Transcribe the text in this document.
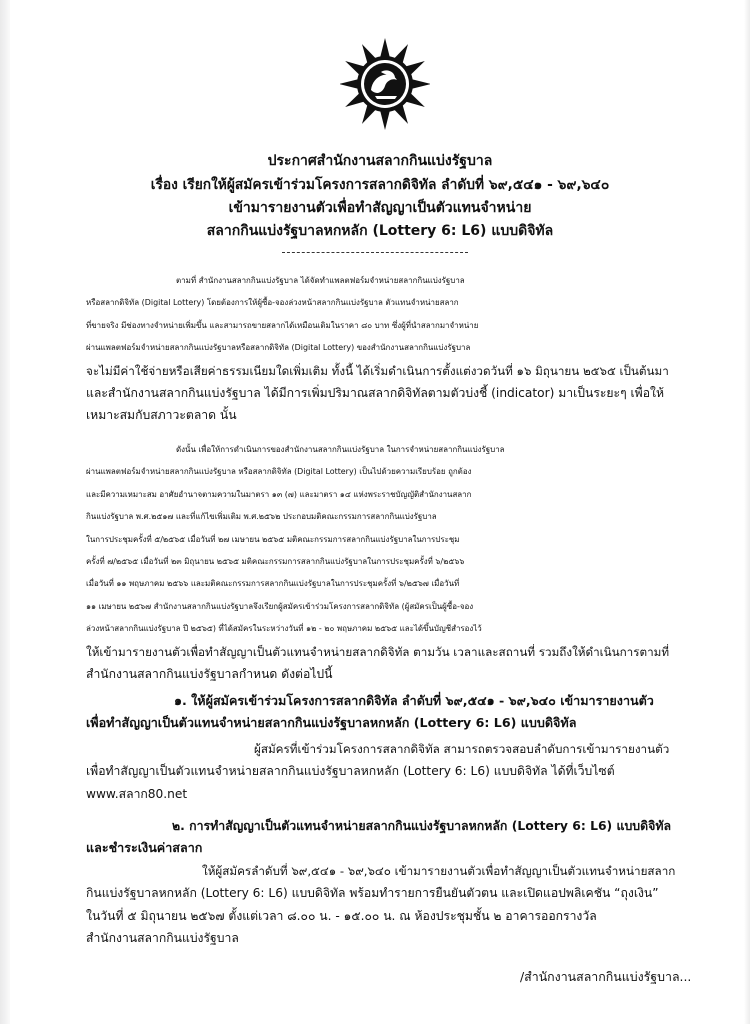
ประกาศสำนักงานสลากกินแบ่งรัฐบาล
เรื่อง เรียกให้ผู้สมัครเข้าร่วมโครงการสลากดิจิทัล ลำดับที่ ๖๙,๕๔๑ - ๖๙,๖๔๐
เข้ามารายงานตัวเพื่อทำสัญญาเป็นตัวแทนจำหน่าย
สลากกินแบ่งรัฐบาลหกหลัก (Lottery 6: L6) แบบดิจิทัล
ตามที่ สำนักงานสลากกินแบ่งรัฐบาล ได้จัดทำแพลตฟอร์มจำหน่ายสลากกินแบ่งรัฐบาล
หรือสลากดิจิทัล (Digital Lottery) โดยต้องการให้ผู้ซื้อ-จองล่วงหน้าสลากกินแบ่งรัฐบาล ตัวแทนจำหน่ายสลาก
ที่ขายจริง มีช่องทางจำหน่ายเพิ่มขึ้น และสามารถขายสลากได้เหมือนเดิมในราคา ๘๐ บาท ซึ่งผู้ที่นำสลากมาจำหน่าย
ผ่านแพลตฟอร์มจำหน่ายสลากกินแบ่งรัฐบาลหรือสลากดิจิทัล (Digital Lottery) ของสำนักงานสลากกินแบ่งรัฐบาล
จะไม่มีค่าใช้จ่ายหรือเสียค่าธรรมเนียมใดเพิ่มเติม ทั้งนี้ ได้เริ่มดำเนินการตั้งแต่งวดวันที่ ๑๖ มิถุนายน ๒๕๖๕ เป็นต้นมา
และสำนักงานสลากกินแบ่งรัฐบาล ได้มีการเพิ่มปริมาณสลากดิจิทัลตามตัวบ่งชี้ (indicator) มาเป็นระยะๆ เพื่อให้
เหมาะสมกับสภาวะตลาด นั้น
ดังนั้น เพื่อให้การดำเนินการของสำนักงานสลากกินแบ่งรัฐบาล ในการจำหน่ายสลากกินแบ่งรัฐบาล
ผ่านแพลตฟอร์มจำหน่ายสลากกินแบ่งรัฐบาล หรือสลากดิจิทัล (Digital Lottery) เป็นไปด้วยความเรียบร้อย ถูกต้อง
และมีความเหมาะสม อาศัยอำนาจตามความในมาตรา ๑๓ (๗) และมาตรา ๑๔ แห่งพระราชบัญญัติสำนักงานสลาก
กินแบ่งรัฐบาล พ.ศ.๒๕๑๗ และที่แก้ไขเพิ่มเติม พ.ศ.๒๕๖๒ ประกอบมติคณะกรรมการสลากกินแบ่งรัฐบาล
ในการประชุมครั้งที่ ๕/๒๕๖๕ เมื่อวันที่ ๒๗ เมษายน ๒๕๖๕ มติคณะกรรมการสลากกินแบ่งรัฐบาลในการประชุม
ครั้งที่ ๗/๒๕๖๕ เมื่อวันที่ ๒๓ มิถุนายน ๒๕๖๕ มติคณะกรรมการสลากกินแบ่งรัฐบาลในการประชุมครั้งที่ ๖/๒๕๖๖
เมื่อวันที่ ๑๑ พฤษภาคม ๒๕๖๖ และมติคณะกรรมการสลากกินแบ่งรัฐบาลในการประชุมครั้งที่ ๖/๒๕๖๗ เมื่อวันที่
๑๑ เมษายน ๒๕๖๗ สำนักงานสลากกินแบ่งรัฐบาลจึงเรียกผู้สมัครเข้าร่วมโครงการสลากดิจิทัล (ผู้สมัครเป็นผู้ซื้อ-จอง
ล่วงหน้าสลากกินแบ่งรัฐบาล ปี ๒๕๖๕) ที่ได้สมัครในระหว่างวันที่ ๑๒ - ๒๐ พฤษภาคม ๒๕๖๕ และได้ขึ้นบัญชีสำรองไว้
ให้เข้ามารายงานตัวเพื่อทำสัญญาเป็นตัวแทนจำหน่ายสลากดิจิทัล ตามวัน เวลาและสถานที่ รวมถึงให้ดำเนินการตามที่
สำนักงานสลากกินแบ่งรัฐบาลกำหนด ดังต่อไปนี้
๑. ให้ผู้สมัครเข้าร่วมโครงการสลากดิจิทัล ลำดับที่ ๖๙,๕๔๑ - ๖๙,๖๔๐ เข้ามารายงานตัว
เพื่อทำสัญญาเป็นตัวแทนจำหน่ายสลากกินแบ่งรัฐบาลหกหลัก (Lottery 6: L6) แบบดิจิทัล
ผู้สมัครที่เข้าร่วมโครงการสลากดิจิทัล สามารถตรวจสอบลำดับการเข้ามารายงานตัว
เพื่อทำสัญญาเป็นตัวแทนจำหน่ายสลากกินแบ่งรัฐบาลหกหลัก (Lottery 6: L6) แบบดิจิทัล ได้ที่เว็บไซต์
www.สลาก80.net
๒. การทำสัญญาเป็นตัวแทนจำหน่ายสลากกินแบ่งรัฐบาลหกหลัก (Lottery 6: L6) แบบดิจิทัล
และชำระเงินค่าสลาก
ให้ผู้สมัครลำดับที่ ๖๙,๕๔๑ - ๖๙,๖๔๐ เข้ามารายงานตัวเพื่อทำสัญญาเป็นตัวแทนจำหน่ายสลาก
กินแบ่งรัฐบาลหกหลัก (Lottery 6: L6) แบบดิจิทัล พร้อมทำรายการยืนยันตัวตน และเปิดแอปพลิเคชัน “ถุงเงิน”
ในวันที่ ๕ มิถุนายน ๒๕๖๗ ตั้งแต่เวลา ๘.๐๐ น. - ๑๕.๐๐ น. ณ ห้องประชุมชั้น ๒ อาคารออกรางวัล
สำนักงานสลากกินแบ่งรัฐบาล
/สำนักงานสลากกินแบ่งรัฐบาล...
